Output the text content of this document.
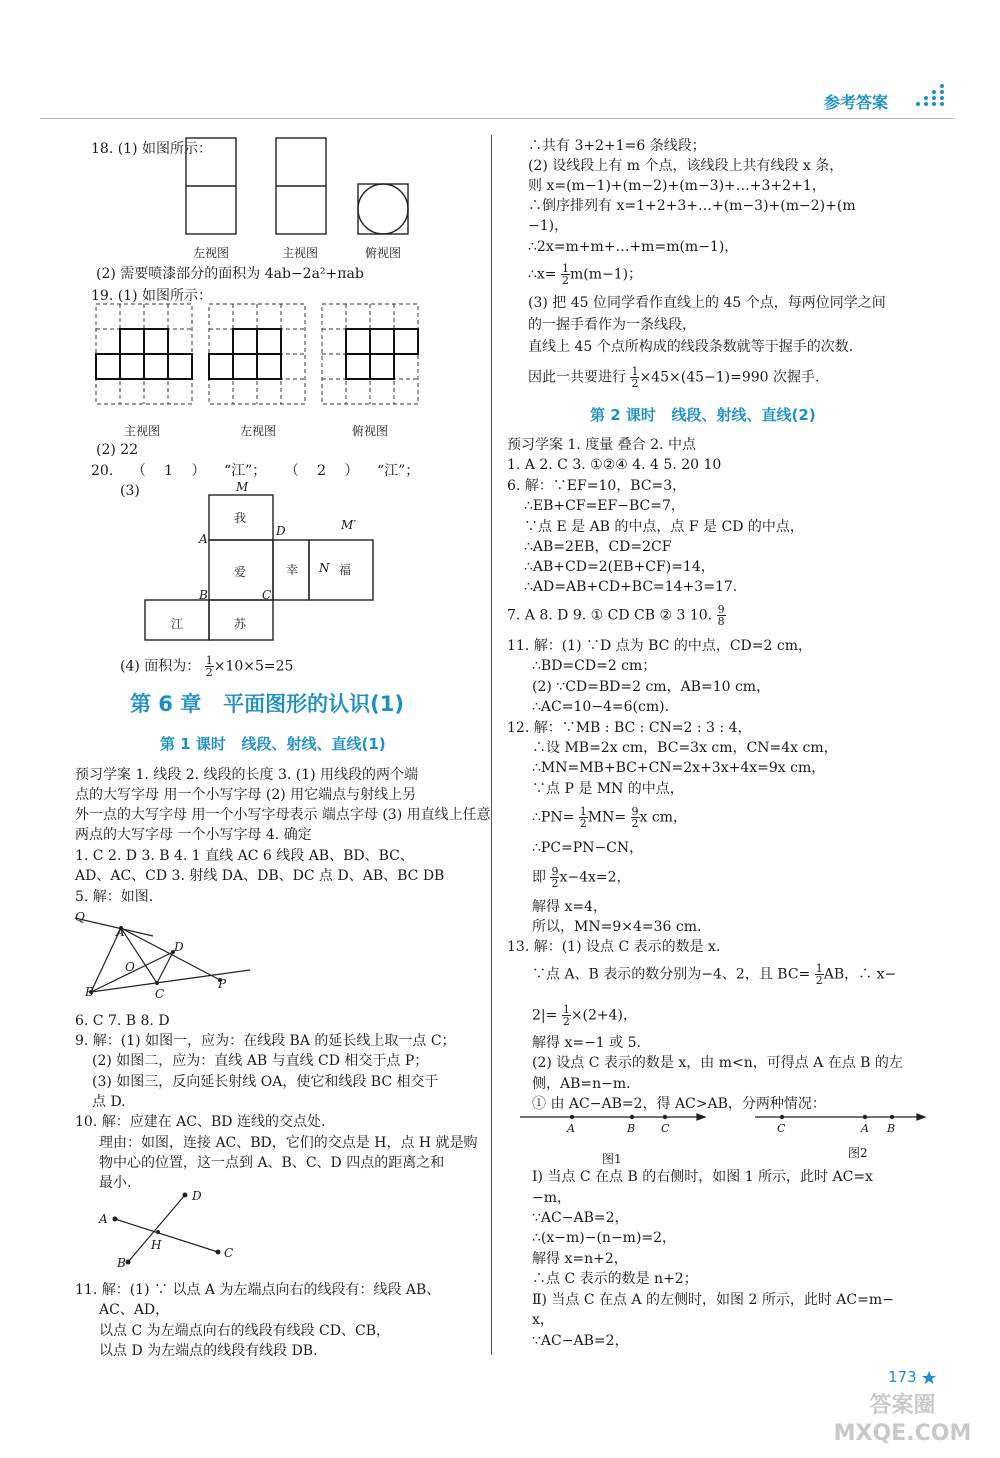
参考答案
18. (1) 如图所示：
左视图	主视图	俯视图
(2) 需要喷漆部分的面积为 4ab−2a²+πab
19. (1) 如图所示：
主视图	左视图	俯视图
(2) 22
20. （ 1 ） “江”； （ 2 ） “江”；
(3)
我
爱	幸	福
江	苏
M
M′
A
D
B	C
N
(4) 面积为： $\frac{1}{2} \times 10\times 5=25$
第 6 章   平面图形的认识(1)
第 1 课时   线段、射线、直线(1)
预习学案 1. 线段 2. 线段的长度 3. (1) 用线段的两个端
点的大写字母 用一个小写字母 (2) 用它端点与射线上另
外一点的大写字母 用一个小写字母表示 端点字母 (3) 用直线上任意
两点的大写字母 一个小写字母 4. 确定
1. C 2. D 3. B 4. 1 直线 AC 6 线段 AB、BD、BC、
AD、AC、CD 3. 射线 DA、DB、DC 点 D、AB、BC DB
5. 解：如图.
Q
A
D
O
B	C
P
6. C 7. B 8. D
9. 解：(1) 如图一，应为：在线段 BA 的延长线上取一点 C；
(2) 如图二，应为：直线 AB 与直线 CD 相交于点 P；
(3) 如图三，反向延长射线 OA，使它和线段 BC 相交于
点 D.
10. 解：应建在 AC、BD 连线的交点处.
理由：如图，连接 AC、BD，它们的交点是 H，点 H 就是购
物中心的位置，这一点到 A、B、C、D 四点的距离之和
最小.
D
A
H
B
C
11. 解：(1) ∵ 以点 A 为左端点向右的线段有：线段 AB、
AC、AD，
以点 C 为左端点向右的线段有线段 CD、CB，
以点 D 为左端点的线段有线段 DB.
∴共有 3+2+1=6 条线段；
(2) 设线段上有 m 个点，该线段上共有线段 x 条，
则 x=(m−1)+(m−2)+(m−3)+…+3+2+1，
∴倒序排列有 x=1+2+3+…+(m−3)+(m−2)+(m
−1)，
∴2x=m+m+…+m=m(m−1)，
∴x= $\frac{1}{2} m(m-1)$；
(3) 把 45 位同学看作直线上的 45 个点，每两位同学之间
的一握手看作为一条线段，
直线上 45 个点所构成的线段条数就等于握手的次数.
因此一共要进行 $\frac{1}{2} \times 45\times(45-1)=990$ 次握手.
第 2 课时   线段、射线、直线(2)
预习学案 1. 度量 叠合 2. 中点
1. A 2. C 3. ①②④ 4. 4 5. 20 10
6. 解：∵EF=10，BC=3，
∴EB+CF=EF−BC=7，
∵点 E 是 AB 的中点，点 F 是 CD 的中点，
∴AB=2EB，CD=2CF
∴AB+CD=2(EB+CF)=14，
∴AD=AB+CD+BC=14+3=17.
7. A 8. D 9. ① CD CB ② 3 10. $\frac{9}{8}$
11. 解：(1) ∵D 点为 BC 的中点，CD=2 cm，
∴BD=CD=2 cm；
(2) ∵CD=BD=2 cm，AB=10 cm，
∴AC=10−4=6(cm).
12. 解：∵MB : BC : CN=2 : 3 : 4，
∴设 MB=2x cm，BC=3x cm，CN=4x cm，
∴MN=MB+BC+CN=2x+3x+4x=9x cm，
∵点 P 是 MN 的中点，
∴PN= $\frac{1}{2} MN= \frac{9}{2}$ x cm，
∴PC=PN−CN，
即 $\frac{9}{2} x-4x=2$，
解得 x=4，
所以，MN=9×4=36 cm.
13. 解：(1) 设点 C 表示的数是 x.
∵点 A、B 表示的数分别为−4、2，且 $BC= \frac{1}{2}$ AB，∴ x−
$2|= \frac{1}{2} \times(2+4)$，
解得 x=−1 或 5.
(2) 设点 C 表示的数是 x，由 m<n，可得点 A 在点 B 的左
侧，AB=n−m.
① 由 AC−AB=2，得 AC>AB，分两种情况：
A	B C	C	A B
图1	图2
Ⅰ) 当点 C 在点 B 的右侧时，如图 1 所示，此时 AC=x
−m，
∵AC−AB=2，
∴(x−m)−(n−m)=2，
解得 x=n+2，
∴点 C 表示的数是 n+2；
Ⅱ) 当点 C 在点 A 的左侧时，如图 2 所示，此时 AC=m−
x，
∵AC−AB=2，
173
答案圈 MXQE.COM
